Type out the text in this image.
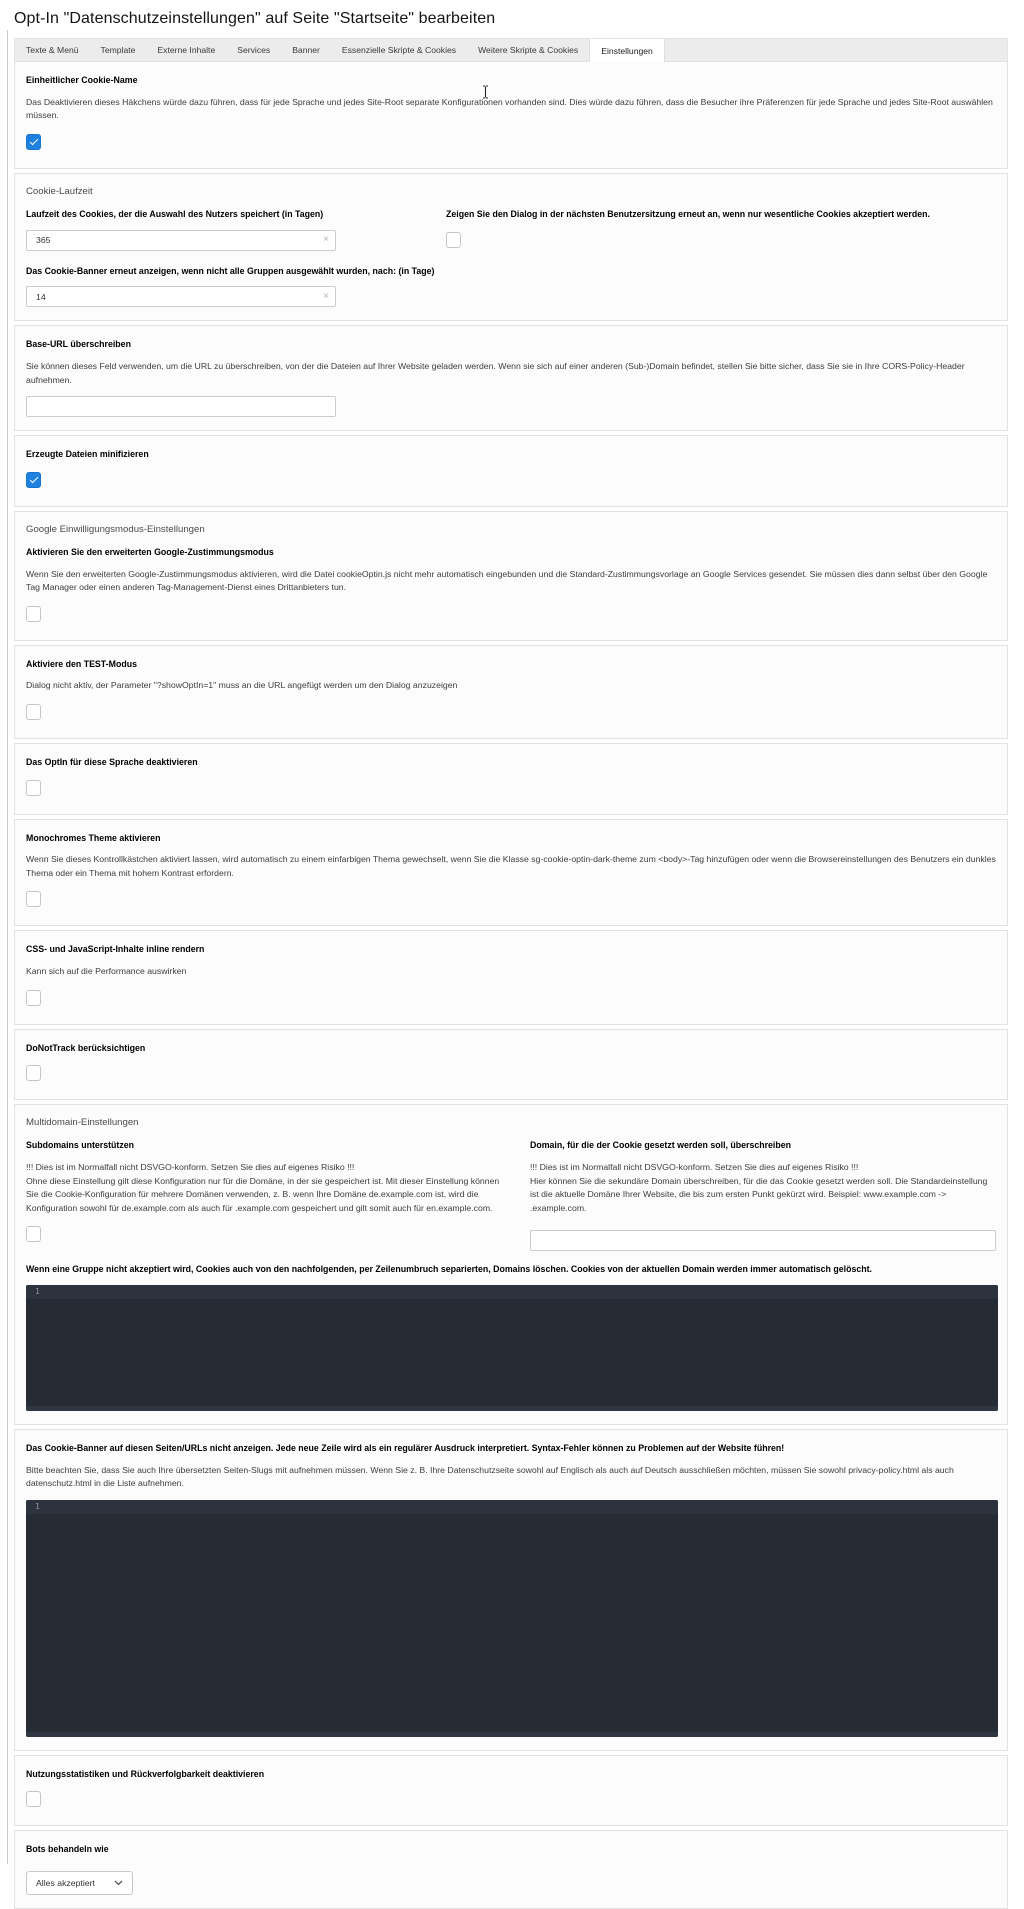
Opt-In "Datenschutzeinstellungen" auf Seite "Startseite" bearbeiten
Texte & Menü	Template	Externe Inhalte	Services	Banner	Essenzielle Skripte & Cookies	Weitere Skripte & Cookies	Einstellungen
Einheitlicher Cookie-Name
Das Deaktivieren dieses Häkchens würde dazu führen, dass für jede Sprache und jedes Site-Root separate Konfigurationen vorhanden sind. Dies würde dazu führen, dass die Besucher ihre Präferenzen für jede Sprache und jedes Site-Root auswählen müssen.
Cookie-Laufzeit
Laufzeit des Cookies, der die Auswahl des Nutzers speichert (in Tagen)
365
×
Zeigen Sie den Dialog in der nächsten Benutzersitzung erneut an, wenn nur wesentliche Cookies akzeptiert werden.
Das Cookie-Banner erneut anzeigen, wenn nicht alle Gruppen ausgewählt wurden, nach: (in Tage)
14
×
Base-URL überschreiben
Sie können dieses Feld verwenden, um die URL zu überschreiben, von der die Dateien auf Ihrer Website geladen werden. Wenn sie sich auf einer anderen (Sub-)Domain befindet, stellen Sie bitte sicher, dass Sie sie in Ihre CORS-Policy-Header aufnehmen.
Erzeugte Dateien minifizieren
Google Einwilligungsmodus-Einstellungen
Aktivieren Sie den erweiterten Google-Zustimmungsmodus
Wenn Sie den erweiterten Google-Zustimmungsmodus aktivieren, wird die Datei cookieOptin.js nicht mehr automatisch eingebunden und die Standard-Zustimmungsvorlage an Google Services gesendet. Sie müssen dies dann selbst über den Google Tag Manager oder einen anderen Tag-Management-Dienst eines Drittanbieters tun.
Aktiviere den TEST-Modus
Dialog nicht aktiv, der Parameter "?showOptIn=1" muss an die URL angefügt werden um den Dialog anzuzeigen
Das OptIn für diese Sprache deaktivieren
Monochromes Theme aktivieren
Wenn Sie dieses Kontrollkästchen aktiviert lassen, wird automatisch zu einem einfarbigen Thema gewechselt, wenn Sie die Klasse sg-cookie-optin-dark-theme zum <body>-Tag hinzufügen oder wenn die Browsereinstellungen des Benutzers ein dunkles Thema oder ein Thema mit hohem Kontrast erfordern.
CSS- und JavaScript-Inhalte inline rendern
Kann sich auf die Performance auswirken
DoNotTrack berücksichtigen
Multidomain-Einstellungen
Subdomains unterstützen
!!! Dies ist im Normalfall nicht DSVGO-konform. Setzen Sie dies auf eigenes Risiko !!!
Ohne diese Einstellung gilt diese Konfiguration nur für die Domäne, in der sie gespeichert ist. Mit dieser Einstellung können Sie die Cookie-Konfiguration für mehrere Domänen verwenden, z. B. wenn Ihre Domäne de.example.com ist, wird die Konfiguration sowohl für de.example.com als auch für .example.com gespeichert und gilt somit auch für en.example.com.
Domain, für die der Cookie gesetzt werden soll, überschreiben
!!! Dies ist im Normalfall nicht DSVGO-konform. Setzen Sie dies auf eigenes Risiko !!!
Hier können Sie die sekundäre Domain überschreiben, für die das Cookie gesetzt werden soll. Die Standardeinstellung ist die aktuelle Domäne Ihrer Website, die bis zum ersten Punkt gekürzt wird. Beispiel: www.example.com -> .example.com.
Wenn eine Gruppe nicht akzeptiert wird, Cookies auch von den nachfolgenden, per Zeilenumbruch separierten, Domains löschen. Cookies von der aktuellen Domain werden immer automatisch gelöscht.
1
Das Cookie-Banner auf diesen Seiten/URLs nicht anzeigen. Jede neue Zeile wird als ein regulärer Ausdruck interpretiert. Syntax-Fehler können zu Problemen auf der Website führen!
Bitte beachten Sie, dass Sie auch Ihre übersetzten Seiten-Slugs mit aufnehmen müssen. Wenn Sie z. B. Ihre Datenschutzseite sowohl auf Englisch als auch auf Deutsch ausschließen möchten, müssen Sie sowohl privacy-policy.html als auch datenschutz.html in die Liste aufnehmen.
1
Nutzungsstatistiken und Rückverfolgbarkeit deaktivieren
Bots behandeln wie
Alles akzeptiert
